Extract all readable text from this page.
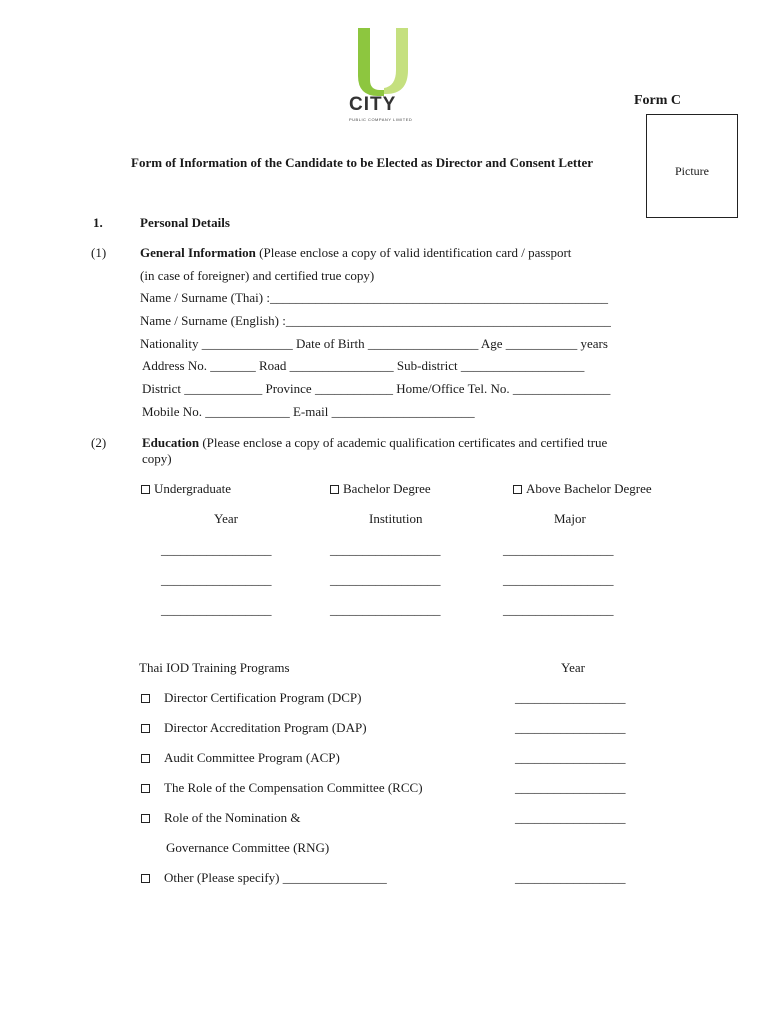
CITY
PUBLIC COMPANY LIMITED
Form C
Picture
Form of Information of the Candidate to be Elected as Director and Consent Letter
1.	Personal Details
(1)	General Information (Please enclose a copy of valid identification card / passport
(in case of foreigner) and certified true copy)
Name / Surname (Thai) :____________________________________________________
Name / Surname (English) :__________________________________________________
Nationality ______________ Date of Birth _________________ Age ___________ years
Address No. _______ Road ________________ Sub-district ___________________
District ____________ Province ____________ Home/Office Tel. No. _______________
Mobile No. _____________ E-mail ______________________
(2)	Education (Please enclose a copy of academic qualification certificates and certified true
copy)
Undergraduate	Bachelor Degree	Above Bachelor Degree
Year	Institution	Major
_________________	_________________	_________________
_________________	_________________	_________________
_________________	_________________	_________________
Thai IOD Training Programs	Year
Director Certification Program (DCP)	_________________
Director Accreditation Program (DAP)	_________________
Audit Committee Program (ACP)	_________________
The Role of the Compensation Committee (RCC)	_________________
Role of the Nomination &	_________________
Governance Committee (RNG)
Other (Please specify) ________________	_________________
